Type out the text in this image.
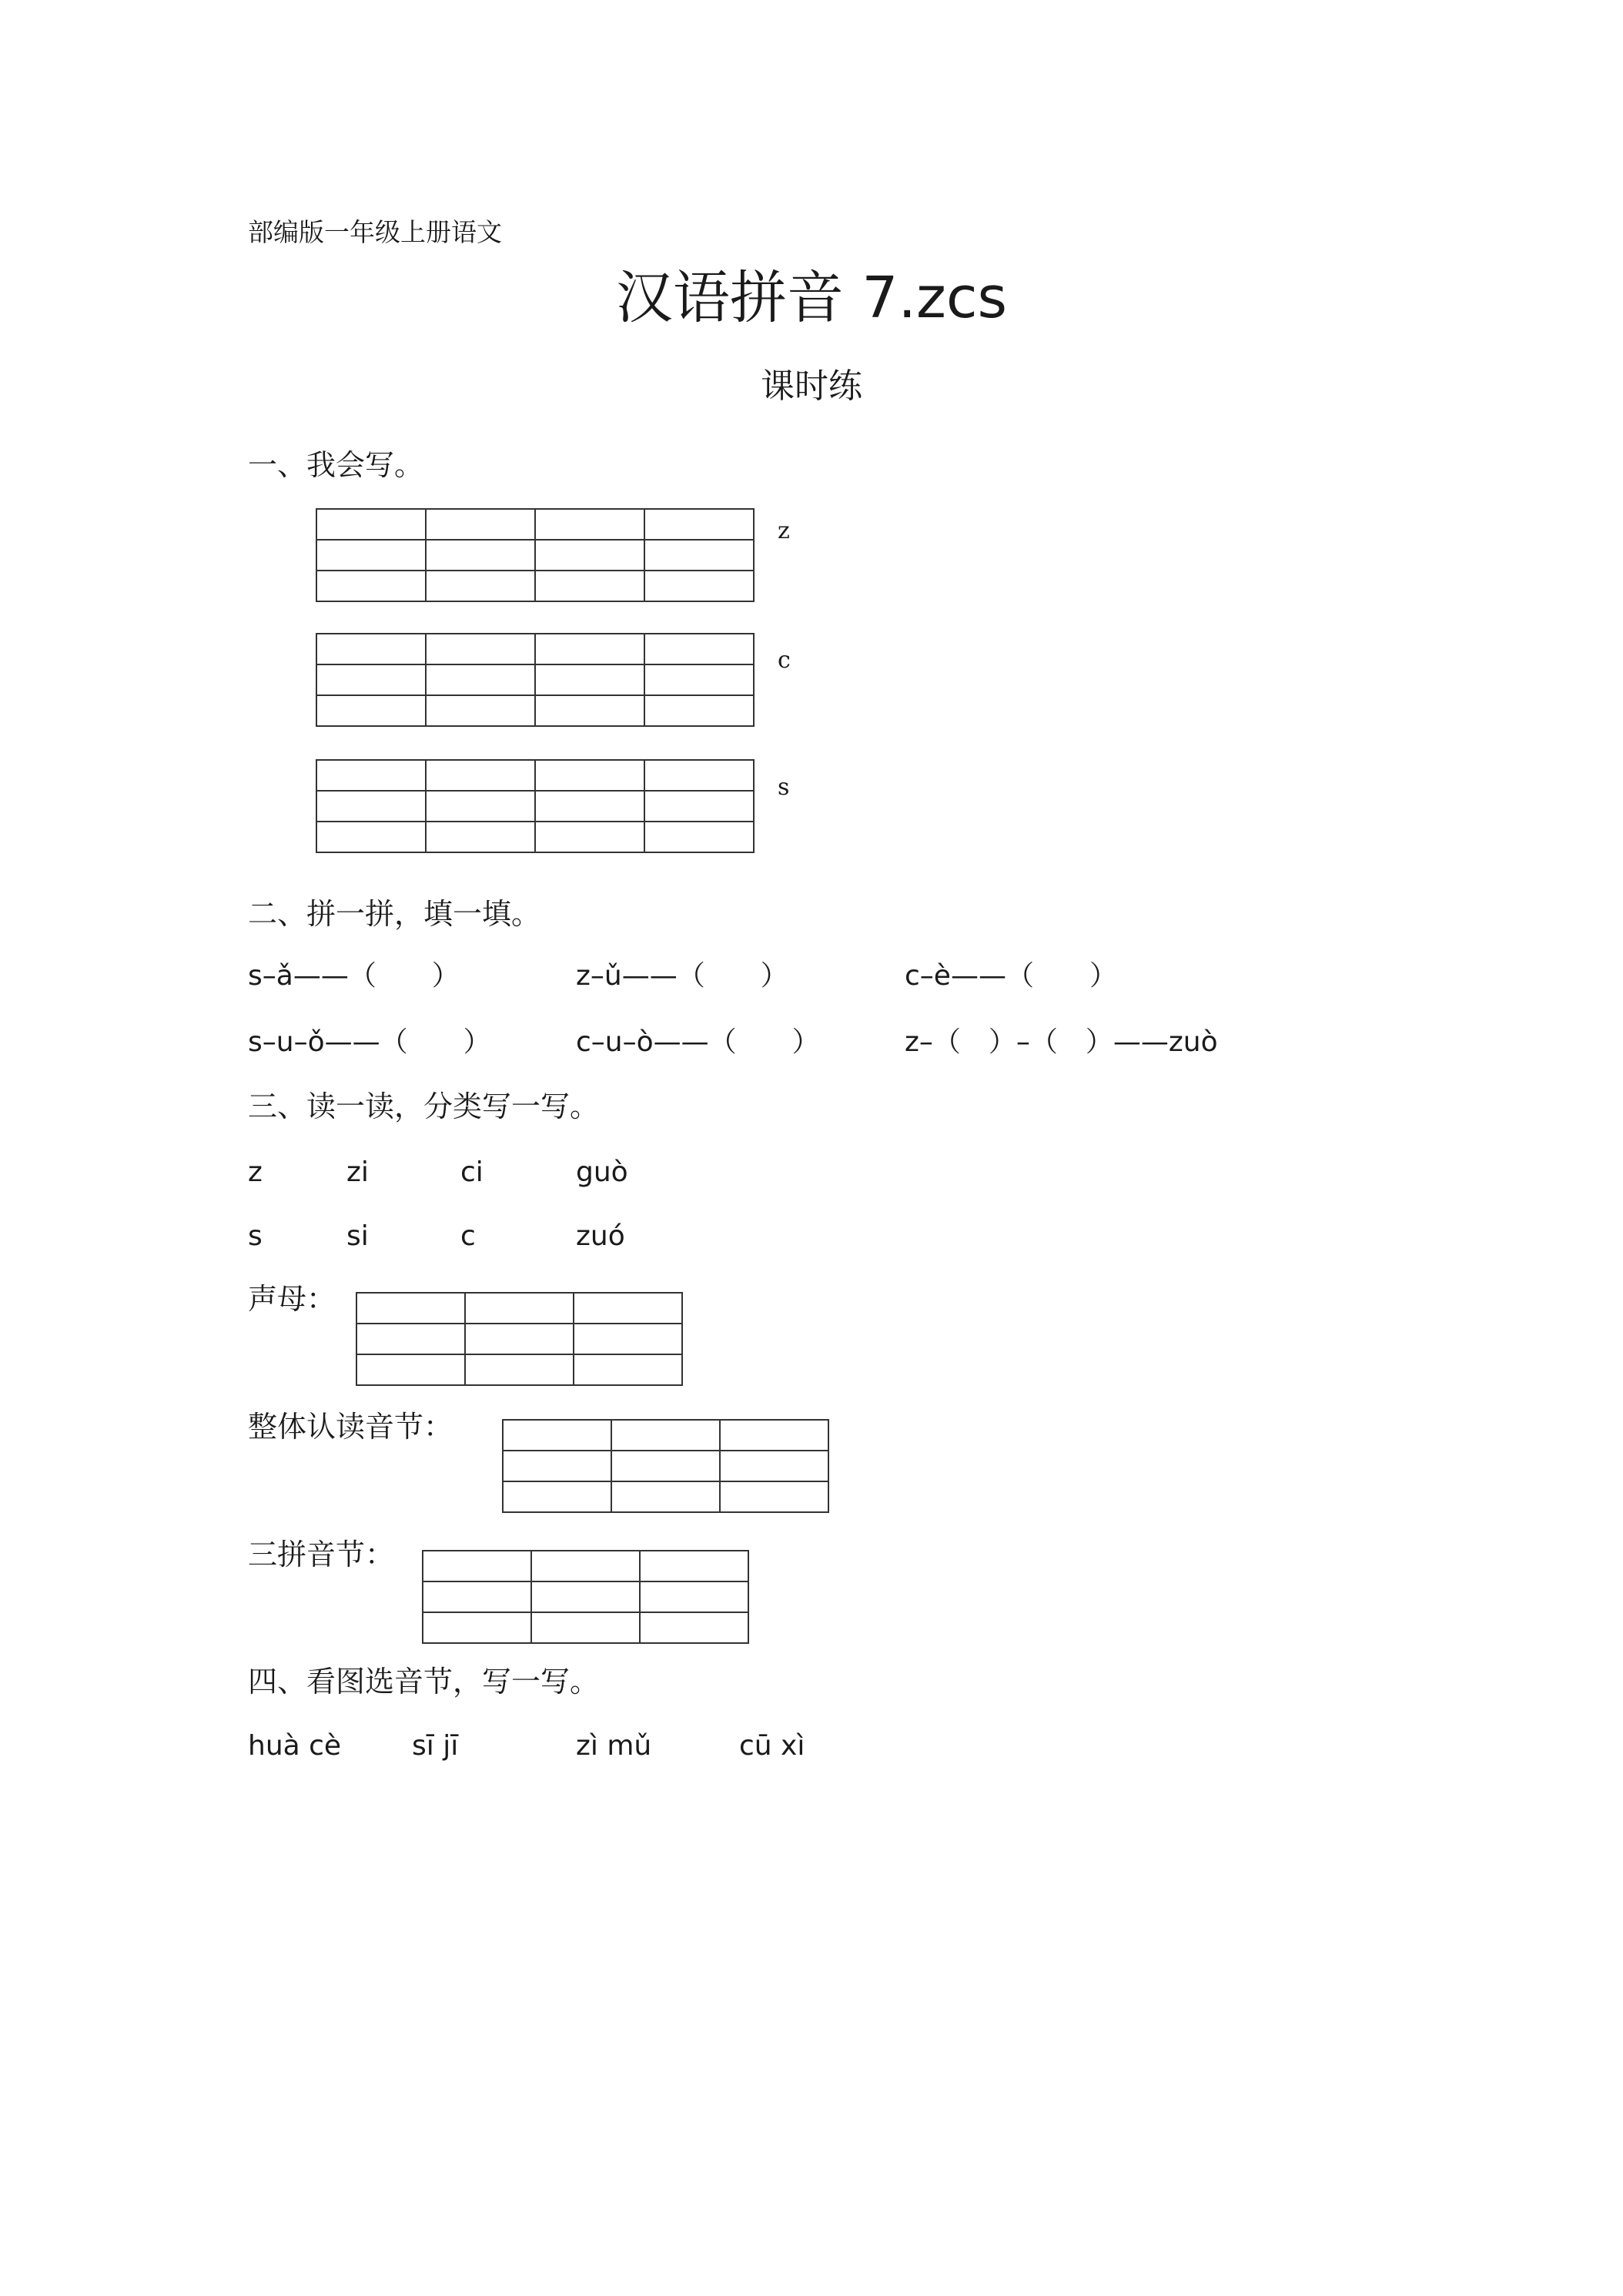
部编版一年级上册语文
汉语拼音 7.zcs
课时练
一、我会写。

z

c

s
二、拼一拼，填一填。
s–ǎ——（　　）	z–ǔ——（　　）	c–è——（　　）
s–u–ǒ——（　　）	c–u–ò——（　　）	z–（　）–（　）——zuò
三、读一读，分类写一写。
z	zi	ci	guò
s	si	c	zuó
声母：

整体认读音节：

三拼音节：

四、看图选音节，写一写。
huà cè	sī jī	zì mǔ	cū xì
